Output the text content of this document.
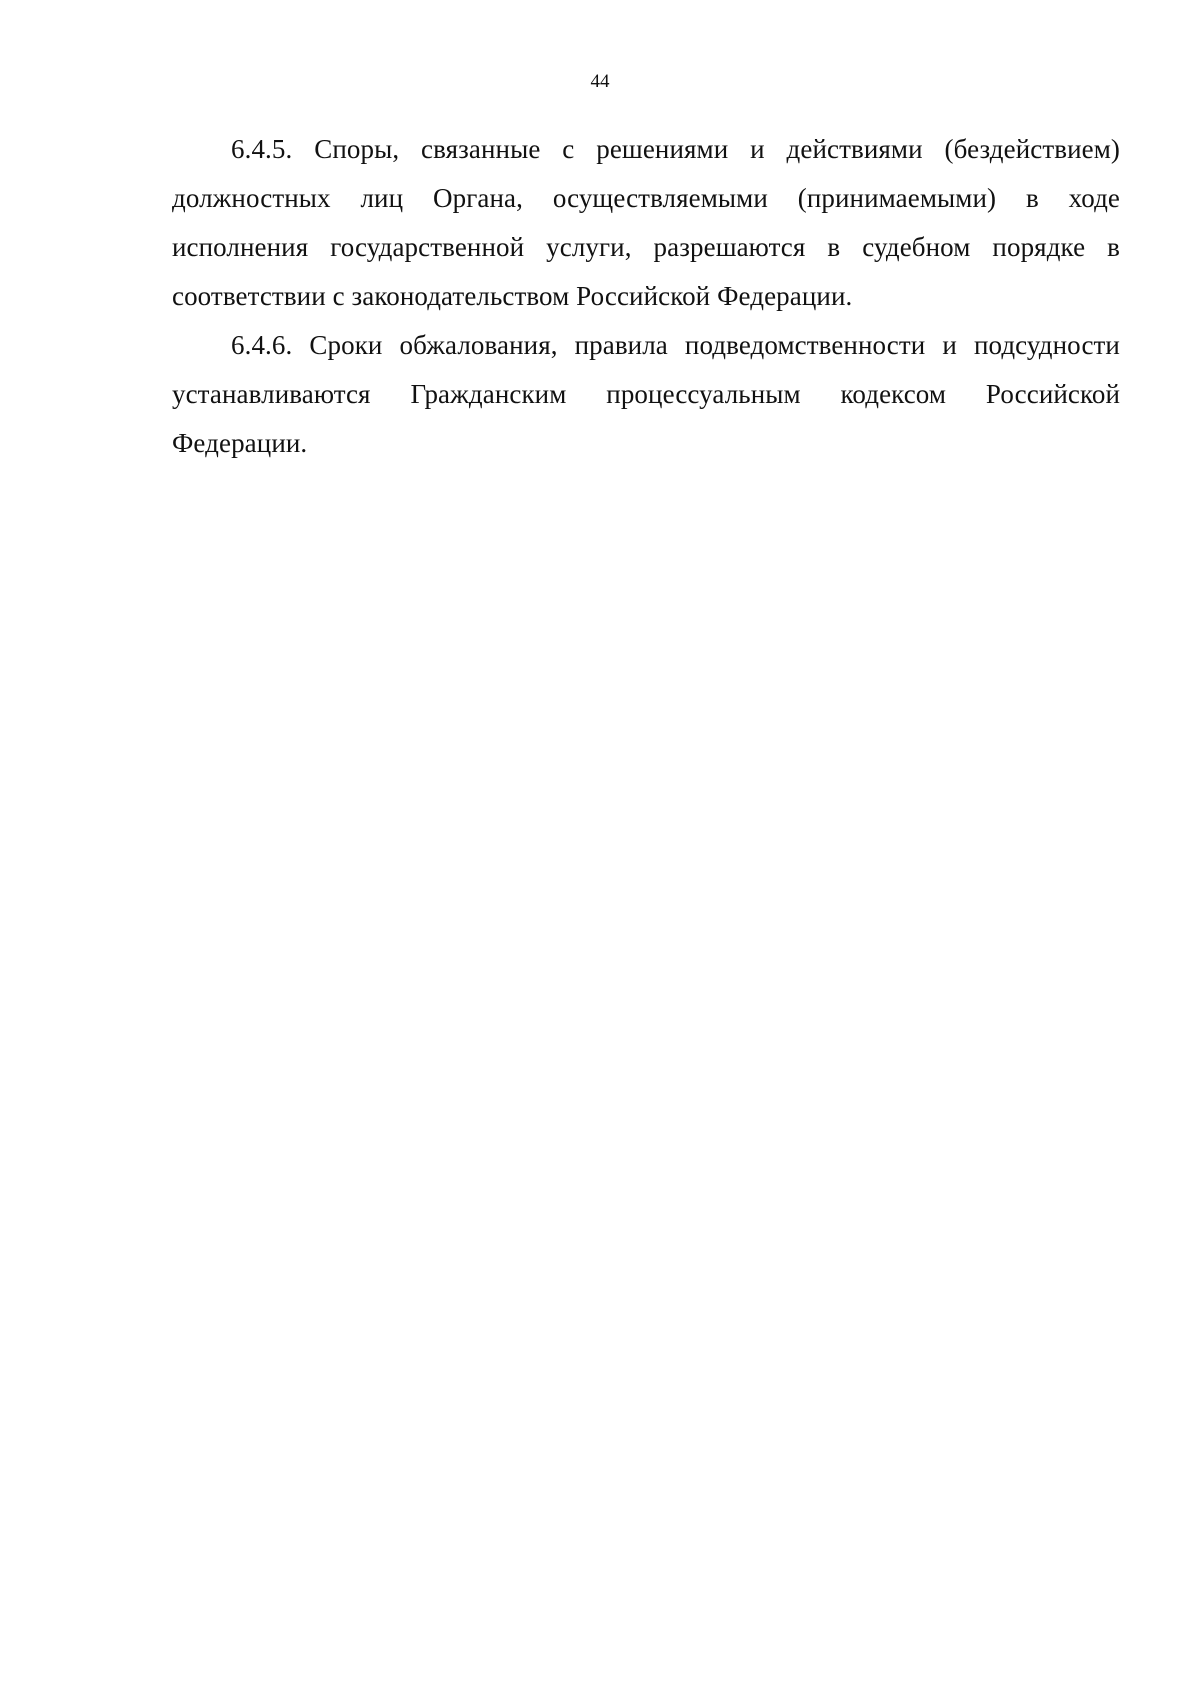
44

6.4.5. Споры, связанные с решениями и действиями (бездействием) должностных лиц Органа, осуществляемыми (принимаемыми) в ходе исполнения государственной услуги, разрешаются в судебном порядке в соответствии с законодательством Российской Федерации.

6.4.6. Сроки обжалования, правила подведомственности и подсудности устанавливаются Гражданским процессуальным кодексом Российской Федерации.
